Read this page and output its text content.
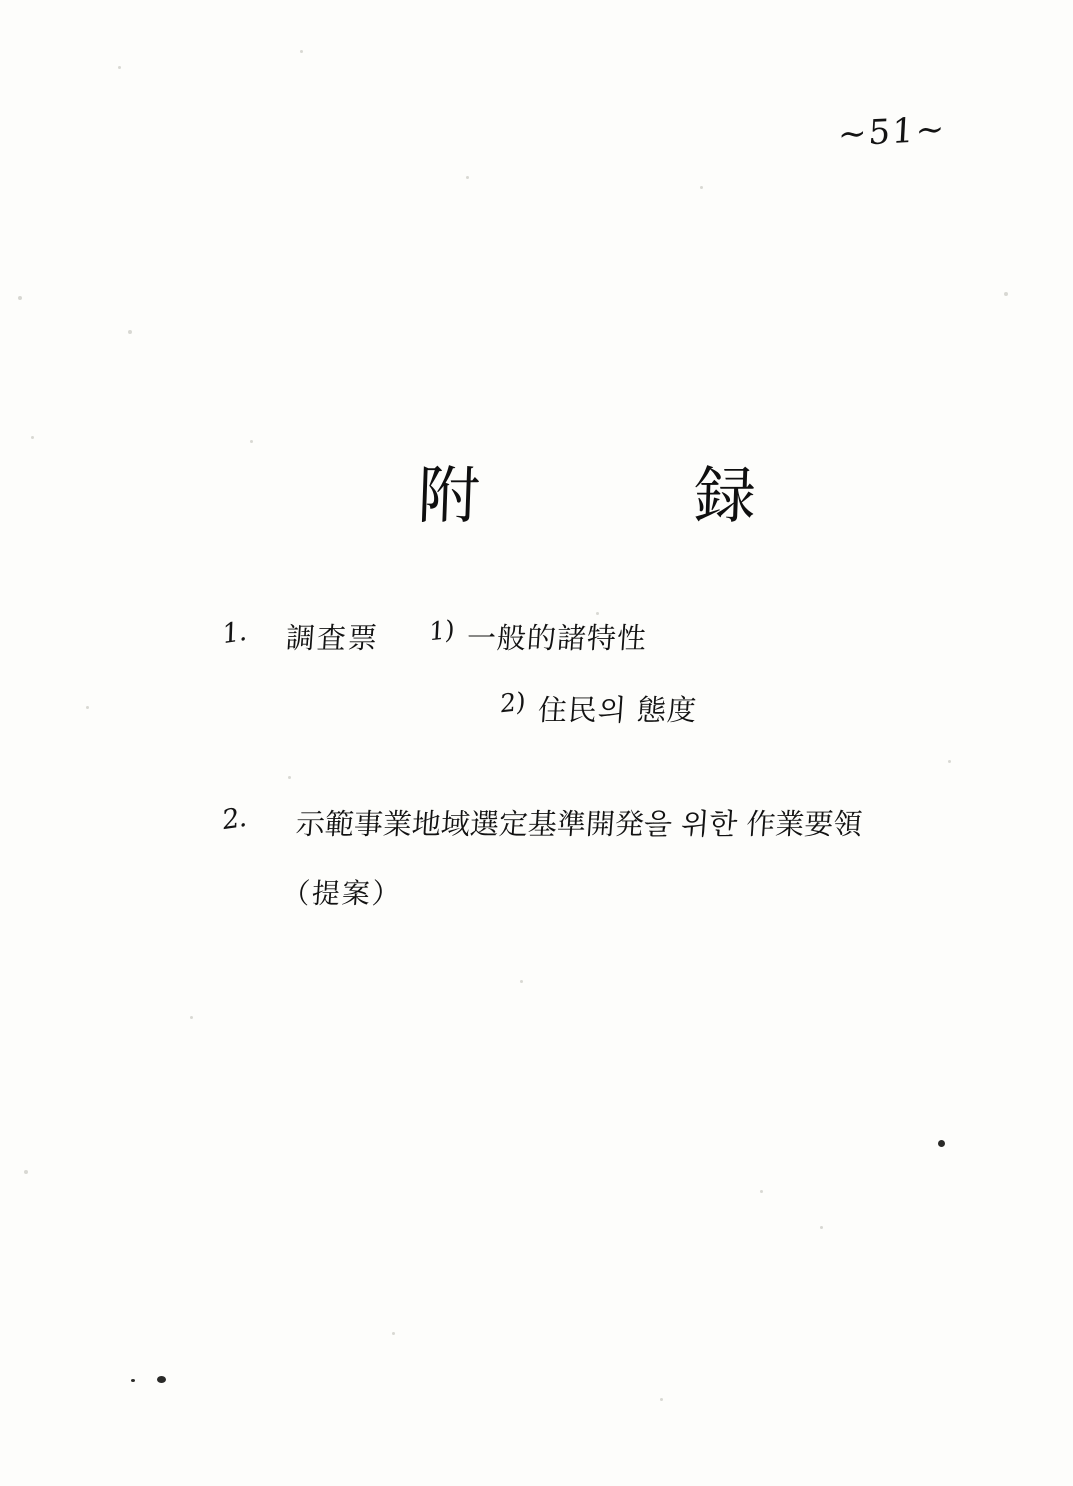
~51~
附　録
1.	調査票 1) 一般的諸特性
2) 住民의 態度
2.	示範事業地域選定基準開発을 위한 作業要領
（提案）
